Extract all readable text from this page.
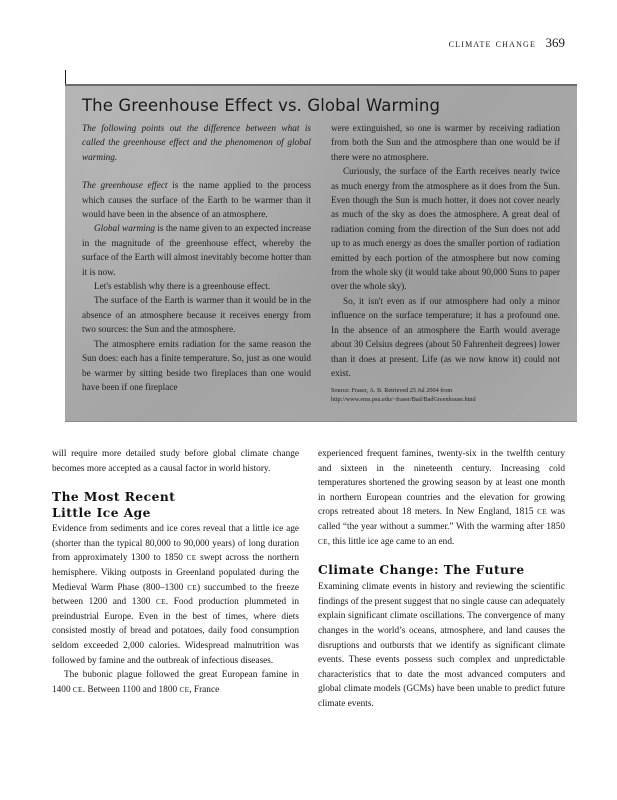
climate change 369
The Greenhouse Effect vs. Global Warming

The following points out the difference between what is called the greenhouse effect and the phenomenon of global warming.

The greenhouse effect is the name applied to the process which causes the surface of the Earth to be warmer than it would have been in the absence of an atmosphere.

Global warming is the name given to an expected increase in the magnitude of the greenhouse effect, whereby the surface of the Earth will almost inevitably become hotter than it is now.

Let's establish why there is a greenhouse effect.

The surface of the Earth is warmer than it would be in the absence of an atmosphere because it receives energy from two sources: the Sun and the atmosphere.

The atmosphere emits radiation for the same reason the Sun does: each has a finite temperature. So, just as one would be warmer by sitting beside two fireplaces than one would have been if one fireplace

were extinguished, so one is warmer by receiving radiation from both the Sun and the atmosphere than one would be if there were no atmosphere.

Curiously, the surface of the Earth receives nearly twice as much energy from the atmosphere as it does from the Sun. Even though the Sun is much hotter, it does not cover nearly as much of the sky as does the atmosphere. A great deal of radiation coming from the direction of the Sun does not add up to as much energy as does the smaller portion of radiation emitted by each portion of the atmosphere but now coming from the whole sky (it would take about 90,000 Suns to paper over the whole sky).

So, it isn't even as if our atmosphere had only a minor influence on the surface temperature; it has a profound one. In the absence of an atmosphere the Earth would average about 30 Celsius degrees (about 50 Fahrenheit degrees) lower than it does at present. Life (as we now know it) could not exist.

Source: Fraser, A. B. Retrieved 25 Jul 2004 from http://www.ems.psu.edu/~fraser/Bad/BadGreenhouse.html

will require more detailed study before global climate change becomes more accepted as a causal factor in world history.

The Most Recent
Little Ice Age

Evidence from sediments and ice cores reveal that a little ice age (shorter than the typical 80,000 to 90,000 years) of long duration from approximately 1300 to 1850 CE swept across the northern hemisphere. Viking outposts in Greenland populated during the Medieval Warm Phase (800–1300 CE) succumbed to the freeze between 1200 and 1300 CE. Food production plummeted in preindustrial Europe. Even in the best of times, where diets consisted mostly of bread and potatoes, daily food consumption seldom exceeded 2,000 calories. Widespread malnutrition was followed by famine and the outbreak of infectious diseases.

The bubonic plague followed the great European famine in 1400 CE. Between 1100 and 1800 CE, France

experienced frequent famines, twenty-six in the twelfth century and sixteen in the nineteenth century. Increasing cold temperatures shortened the growing season by at least one month in northern European countries and the elevation for growing crops retreated about 18 meters. In New England, 1815 CE was called “the year without a summer.” With the warming after 1850 CE, this little ice age came to an end.

Climate Change: The Future

Examining climate events in history and reviewing the scientific findings of the present suggest that no single cause can adequately explain significant climate oscillations. The convergence of many changes in the world’s oceans, atmosphere, and land causes the disruptions and outbursts that we identify as significant climate events. These events possess such complex and unpredictable characteristics that to date the most advanced computers and global climate models (GCMs) have been unable to predict future climate events.
